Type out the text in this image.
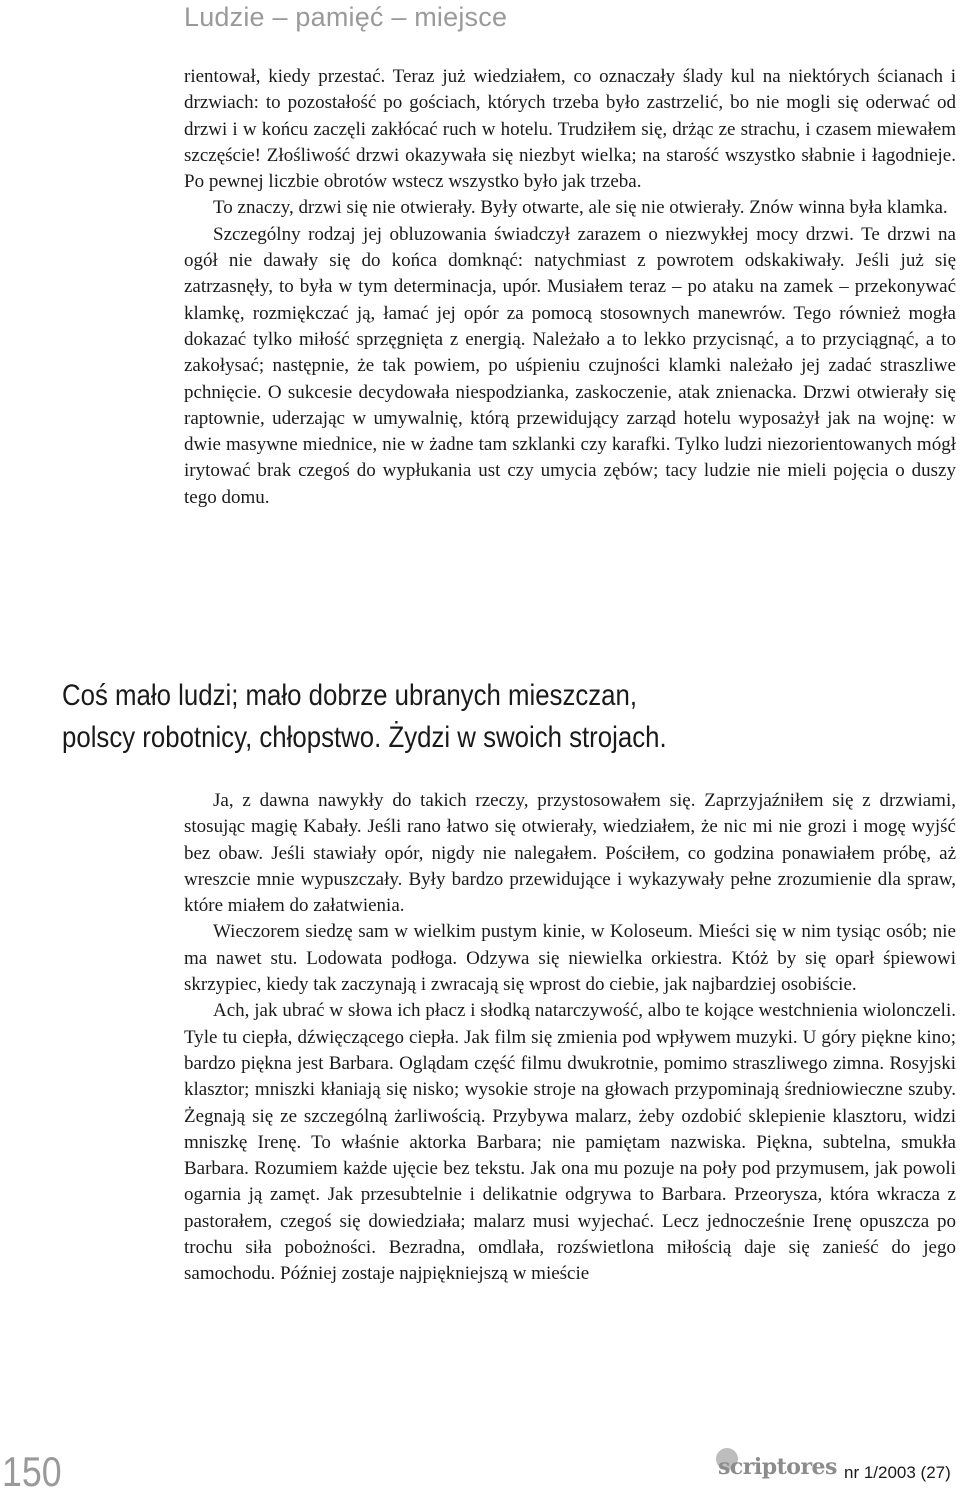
Ludzie – pamięć – miejsce

rientował, kiedy przestać. Teraz już wiedziałem, co oznaczały ślady kul na niektórych ścianach i drzwiach: to pozostałość po gościach, których trzeba było zastrzelić, bo nie mogli się oderwać od drzwi i w końcu zaczęli zakłócać ruch w hotelu. Trudziłem się, drżąc ze strachu, i czasem miewałem szczęście! Złośliwość drzwi okazywała się niezbyt wielka; na starość wszystko słabnie i łagodnieje. Po pewnej liczbie obrotów wstecz wszystko było jak trzeba.

To znaczy, drzwi się nie otwierały. Były otwarte, ale się nie otwierały. Znów winna była klamka.

Szczególny rodzaj jej obluzowania świadczył zarazem o niezwykłej mocy drzwi. Te drzwi na ogół nie dawały się do końca domknąć: natychmiast z powrotem odskakiwały. Jeśli już się zatrzasnęły, to była w tym determinacja, upór. Musiałem teraz – po ataku na zamek – przekonywać klamkę, rozmiękczać ją, łamać jej opór za pomocą stosownych manewrów. Tego również mogła dokazać tylko miłość sprzęgnięta z energią. Należało a to lekko przycisnąć, a to przyciągnąć, a to zakołysać; następnie, że tak powiem, po uśpieniu czujności klamki należało jej zadać straszliwe pchnięcie. O sukcesie decydowała niespodzianka, zaskoczenie, atak znienacka. Drzwi otwierały się raptownie, uderzając w umywalnię, którą przewidujący zarząd hotelu wyposażył jak na wojnę: w dwie masywne miednice, nie w żadne tam szklanki czy karafki. Tylko ludzi niezorientowanych mógł irytować brak czegoś do wypłukania ust czy umycia zębów; tacy ludzie nie mieli pojęcia o duszy tego domu.

Coś mało ludzi; mało dobrze ubranych mieszczan,
polscy robotnicy, chłopstwo. Żydzi w swoich strojach.

Ja, z dawna nawykły do takich rzeczy, przystosowałem się. Zaprzyjaźniłem się z drzwiami, stosując magię Kabały. Jeśli rano łatwo się otwierały, wiedziałem, że nic mi nie grozi i mogę wyjść bez obaw. Jeśli stawiały opór, nigdy nie nalegałem. Pościłem, co godzina ponawiałem próbę, aż wreszcie mnie wypuszczały. Były bardzo przewidujące i wykazywały pełne zrozumienie dla spraw, które miałem do załatwienia.

Wieczorem siedzę sam w wielkim pustym kinie, w Koloseum. Mieści się w nim tysiąc osób; nie ma nawet stu. Lodowata podłoga. Odzywa się niewielka orkiestra. Któż by się oparł śpiewowi skrzypiec, kiedy tak zaczynają i zwracają się wprost do ciebie, jak najbardziej osobiście.

Ach, jak ubrać w słowa ich płacz i słodką natarczywość, albo te kojące westchnienia wiolonczeli. Tyle tu ciepła, dźwięczącego ciepła. Jak film się zmienia pod wpływem muzyki. U góry piękne kino; bardzo piękna jest Barbara. Oglądam część filmu dwukrotnie, pomimo straszliwego zimna. Rosyjski klasztor; mniszki kłaniają się nisko; wysokie stroje na głowach przypominają średniowieczne szuby. Żegnają się ze szczególną żarliwością. Przybywa malarz, żeby ozdobić sklepienie klasztoru, widzi mniszkę Irenę. To właśnie aktorka Barbara; nie pamiętam nazwiska. Piękna, subtelna, smukła Barbara. Rozumiem każde ujęcie bez tekstu. Jak ona mu pozuje na poły pod przymusem, jak powoli ogarnia ją zamęt. Jak przesubtelnie i delikatnie odgrywa to Barbara. Przeorysza, która wkracza z pastorałem, czegoś się dowiedziała; malarz musi wyjechać. Lecz jednocześnie Irenę opuszcza po trochu siła pobożności. Bezradna, omdlała, rozświetlona miłością daje się zanieść do jego samochodu. Później zostaje najpiękniejszą w mieście

150	scriptores nr 1/2003 (27)
